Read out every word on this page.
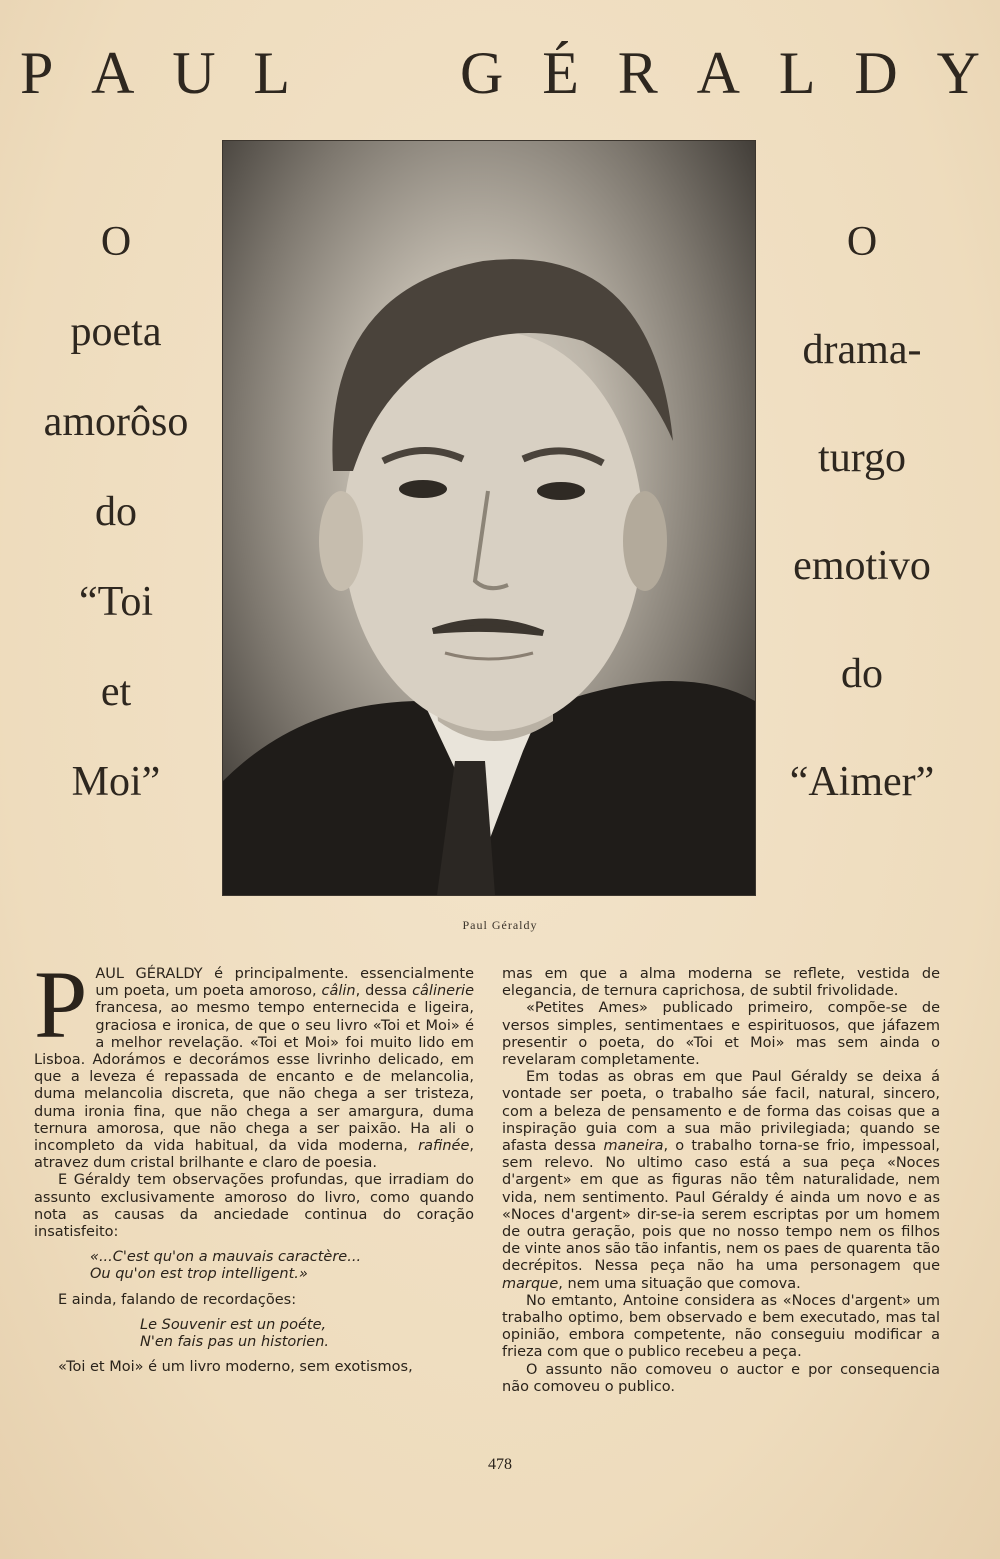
P A U L	G É R A L D Y
O
poeta
amorôso
do
“Toi
et
Moi”
O
drama-
turgo
emotivo
do
“Aimer”
Paul Géraldy

PAUL GÉRALDY é principalmente. essencialmente um poeta, um poeta amoroso, câlin, dessa câlinerie francesa, ao mesmo tempo enternecida e ligeira, graciosa e ironica, de que o seu livro «Toi et Moi» é a melhor revelação. «Toi et Moi» foi muito lido em Lisboa. Adorámos e decorámos esse livrinho delicado, em que a leveza é repassada de encanto e de melancolia, duma melancolia discreta, que não chega a ser tristeza, duma ironia fina, que não chega a ser amargura, duma ternura amorosa, que não chega a ser paixão. Ha ali o incompleto da vida habitual, da vida moderna, rafinée, atravez dum cristal brilhante e claro de poesia.

E Géraldy tem observações profundas, que irradiam do assunto exclusivamente amoroso do livro, como quando nota as causas da anciedade continua do coração insatisfeito:

«...C'est qu'on a mauvais caractère...
Ou qu'on est trop intelligent.»

E ainda, falando de recordações:

Le Souvenir est un poéte,
N'en fais pas un historien.

«Toi et Moi» é um livro moderno, sem exotismos,

mas em que a alma moderna se reflete, vestida de elegancia, de ternura caprichosa, de subtil frivolidade.

«Petites Ames» publicado primeiro, compõe-se de versos simples, sentimentaes e espirituosos, que jáfazem presentir o poeta, do «Toi et Moi» mas sem ainda o revelaram completamente.

Em todas as obras em que Paul Géraldy se deixa á vontade ser poeta, o trabalho sáe facil, natural, sincero, com a beleza de pensamento e de forma das coisas que a inspiração guia com a sua mão privilegiada; quando se afasta dessa maneira, o trabalho torna-se frio, impessoal, sem relevo. No ultimo caso está a sua peça «Noces d'argent» em que as figuras não têm naturalidade, nem vida, nem sentimento. Paul Géraldy é ainda um novo e as «Noces d'argent» dir-se-ia serem escriptas por um homem de outra geração, pois que no nosso tempo nem os filhos de vinte anos são tão infantis, nem os paes de quarenta tão decrépitos. Nessa peça não ha uma personagem que marque, nem uma situação que comova.

No emtanto, Antoine considera as «Noces d'argent» um trabalho optimo, bem observado e bem executado, mas tal opinião, embora competente, não conseguiu modificar a frieza com que o publico recebeu a peça.

O assunto não comoveu o auctor e por consequencia não comoveu o publico.

478
